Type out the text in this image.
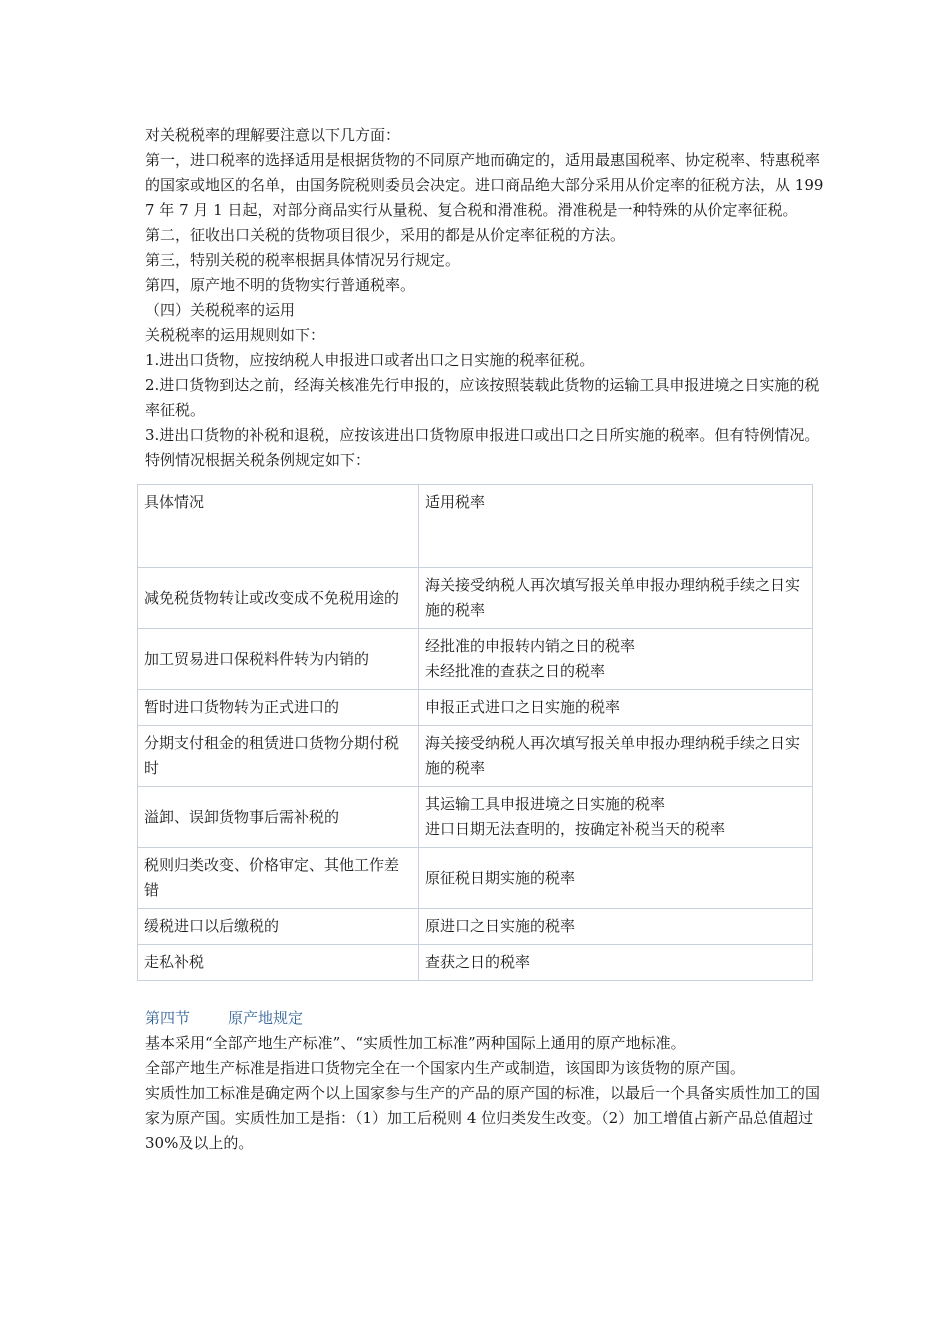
对关税税率的理解要注意以下几方面：

第一，进口税率的选择适用是根据货物的不同原产地而确定的，适用最惠国税率、协定税率、特惠税率的国家或地区的名单，由国务院税则委员会决定。进口商品绝大部分采用从价定率的征税方法，从 1997 年 7 月 1 日起，对部分商品实行从量税、复合税和滑准税。滑准税是一种特殊的从价定率征税。

第二，征收出口关税的货物项目很少，采用的都是从价定率征税的方法。

第三，特别关税的税率根据具体情况另行规定。

第四，原产地不明的货物实行普通税率。

（四）关税税率的运用

关税税率的运用规则如下：

1.进出口货物，应按纳税人申报进口或者出口之日实施的税率征税。

2.进口货物到达之前，经海关核准先行申报的，应该按照装载此货物的运输工具申报进境之日实施的税率征税。

3.进出口货物的补税和退税，应按该进出口货物原申报进口或出口之日所实施的税率。但有特例情况。

特例情况根据关税条例规定如下：

具体情况	适用税率
减免税货物转让或改变成不免税用途的	海关接受纳税人再次填写报关单申报办理纳税手续之日实施的税率

加工贸易进口保税料件转为内销的	经批准的申报转内销之日的税率
未经批准的查获之日的税率

暂时进口货物转为正式进口的	申报正式进口之日实施的税率

分期支付租金的租赁进口货物分期付税时	海关接受纳税人再次填写报关单申报办理纳税手续之日实施的税率

溢卸、误卸货物事后需补税的	其运输工具申报进境之日实施的税率
进口日期无法查明的，按确定补税当天的税率

税则归类改变、价格审定、其他工作差错	原征税日期实施的税率

缓税进口以后缴税的	原进口之日实施的税率

走私补税	查获之日的税率
第四节	原产地规定

基本采用“全部产地生产标准”、“实质性加工标准”两种国际上通用的原产地标准。

全部产地生产标准是指进口货物完全在一个国家内生产或制造，该国即为该货物的原产国。

实质性加工标准是确定两个以上国家参与生产的产品的原产国的标准，以最后一个具备实质性加工的国家为原产国。实质性加工是指：（1）加工后税则 4 位归类发生改变。（2）加工增值占新产品总值超过 30%及以上的。
